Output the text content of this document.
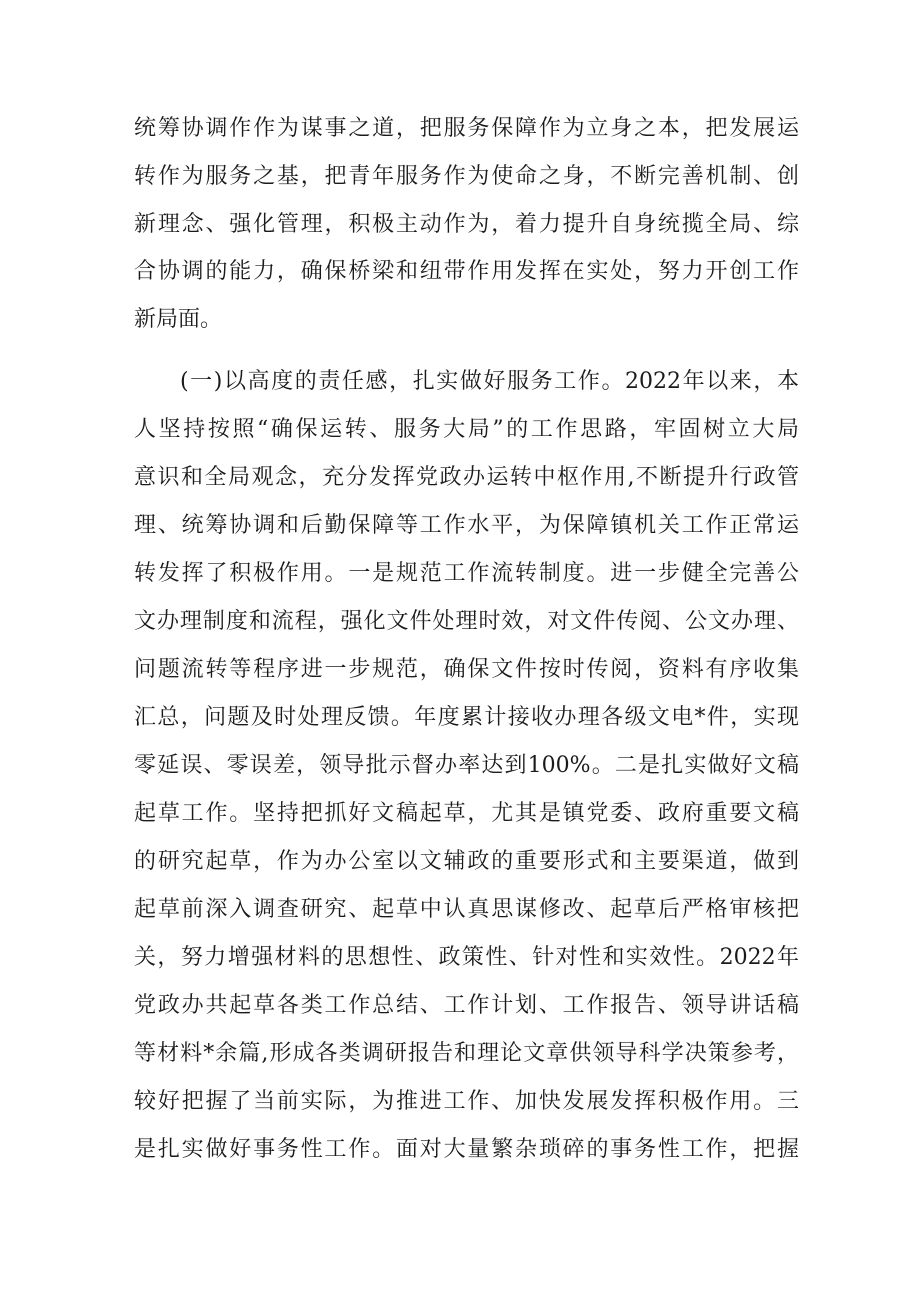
统筹协调作作为谋事之道，把服务保障作为立身之本，把发展运
转作为服务之基，把青年服务作为使命之身，不断完善机制、创
新理念、强化管理，积极主动作为，着力提升自身统揽全局、综
合协调的能力，确保桥梁和纽带作用发挥在实处，努力开创工作
新局面。
(一)以高度的责任感，扎实做好服务工作。2022年以来，本
人坚持按照“确保运转、服务大局”的工作思路，牢固树立大局
意识和全局观念，充分发挥党政办运转中枢作用,不断提升行政管
理、统筹协调和后勤保障等工作水平，为保障镇机关工作正常运
转发挥了积极作用。一是规范工作流转制度。进一步健全完善公
文办理制度和流程，强化文件处理时效，对文件传阅、公文办理、
问题流转等程序进一步规范，确保文件按时传阅，资料有序收集
汇总，问题及时处理反馈。年度累计接收办理各级文电*件，实现
零延误、零误差，领导批示督办率达到100%。二是扎实做好文稿
起草工作。坚持把抓好文稿起草，尤其是镇党委、政府重要文稿
的研究起草，作为办公室以文辅政的重要形式和主要渠道，做到
起草前深入调查研究、起草中认真思谋修改、起草后严格审核把
关，努力增强材料的思想性、政策性、针对性和实效性。2022年
党政办共起草各类工作总结、工作计划、工作报告、领导讲话稿
等材料*余篇,形成各类调研报告和理论文章供领导科学决策参考，
较好把握了当前实际，为推进工作、加快发展发挥积极作用。三
是扎实做好事务性工作。面对大量繁杂琐碎的事务性工作，把握
